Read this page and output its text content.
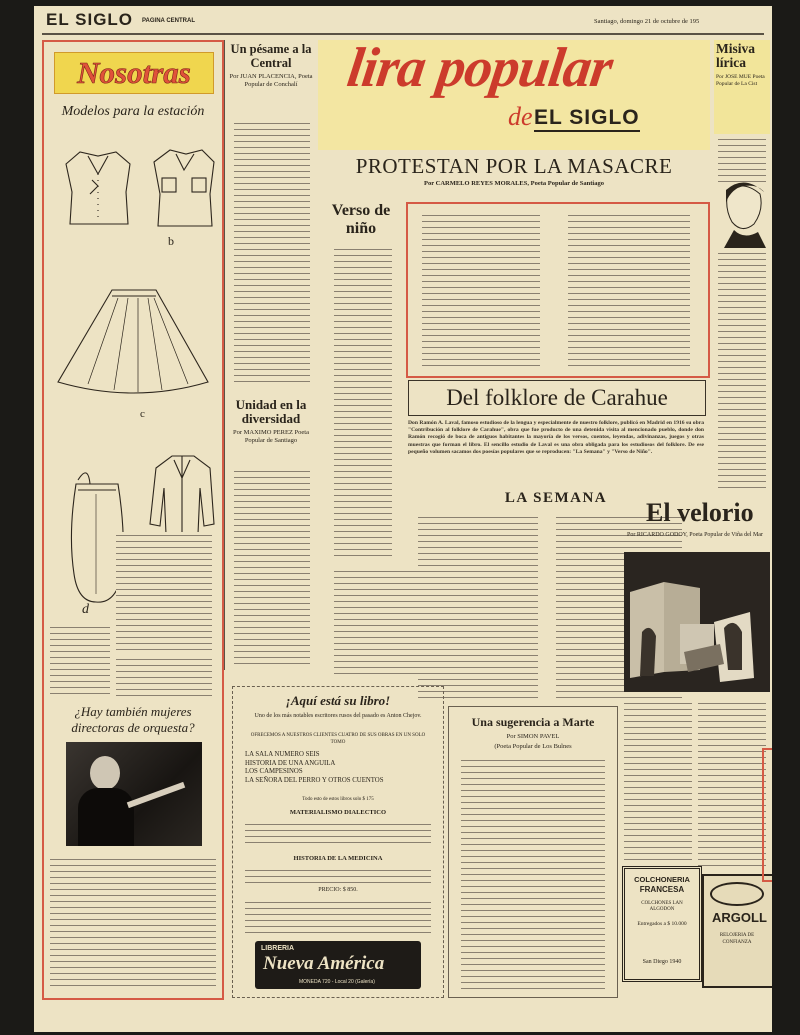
EL SIGLO PAGINA CENTRAL	Santiago, domingo 21 de octubre de 195
Nosotras
Modelos para la estación
b
c
d
¿Hay también mujeres directoras de orquesta?
Un pésame a la Central
Por JUAN PLACENCIA, Poeta Popular de Conchalí
Unidad en la diversidad
Por MAXIMO PEREZ Poeta Popular de Santiago
lira popular
de EL SIGLO
PROTESTAN POR LA MASACRE
Por CARMELO REYES MORALES, Poeta Popular de Santiago
Verso de niño
Del folklore de Carahue
Don Ramón A. Laval, famoso estudioso de la lengua y especialmente de nuestro folklore, publicó en Madrid en 1916 su obra "Contribución al folklore de Carahue", obra que fue producto de una detenida visita al mencionado pueblo, donde don Ramón recogió de boca de antiguos habitantes la mayoría de los versos, cuentos, leyendas, adivinanzas, juegos y otras muestras que forman el libro. El sencillo estudio de Laval es una obra obligada para los estudiosos del folklore. De ese pequeño volumen sacamos dos poesías populares que se reproducen: "La Semana" y "Verso de Niño".
LA SEMANA
¡Aquí está su libro!
Uno de los más notables escritores rusos del pasado es Anton Chejov.
OFRECEMOS A NUESTROS CLIENTES CUATRO DE SUS OBRAS EN UN SOLO TOMO
LA SALA NUMERO SEIS
HISTORIA DE UNA ANGUILA
LOS CAMPESINOS
LA SEÑORA DEL PERRO Y OTROS CUENTOS
Todo esto de estos libros solo $ 175
MATERIALISMO DIALECTICO
HISTORIA DE LA MEDICINA
PRECIO: $ 850.
LIBRERIA
Nueva América
MONEDA 720 - Local 20 (Galería)
Una sugerencia a Marte
Por SIMON PAVEL
(Poeta Popular de Los Bulnes
COLCHONERIA
FRANCESA
COLCHONES LAN ALGODON
Entregados a $ 10.000
San Diego 1940
ARGOLL
RELOJERIA DE CONFIANZA
Misiva lírica
Por JOSE MUE Poeta Popular de La Cist
El velorio
Por RICARDO GODOY, Poeta Popular de Viña del Mar
